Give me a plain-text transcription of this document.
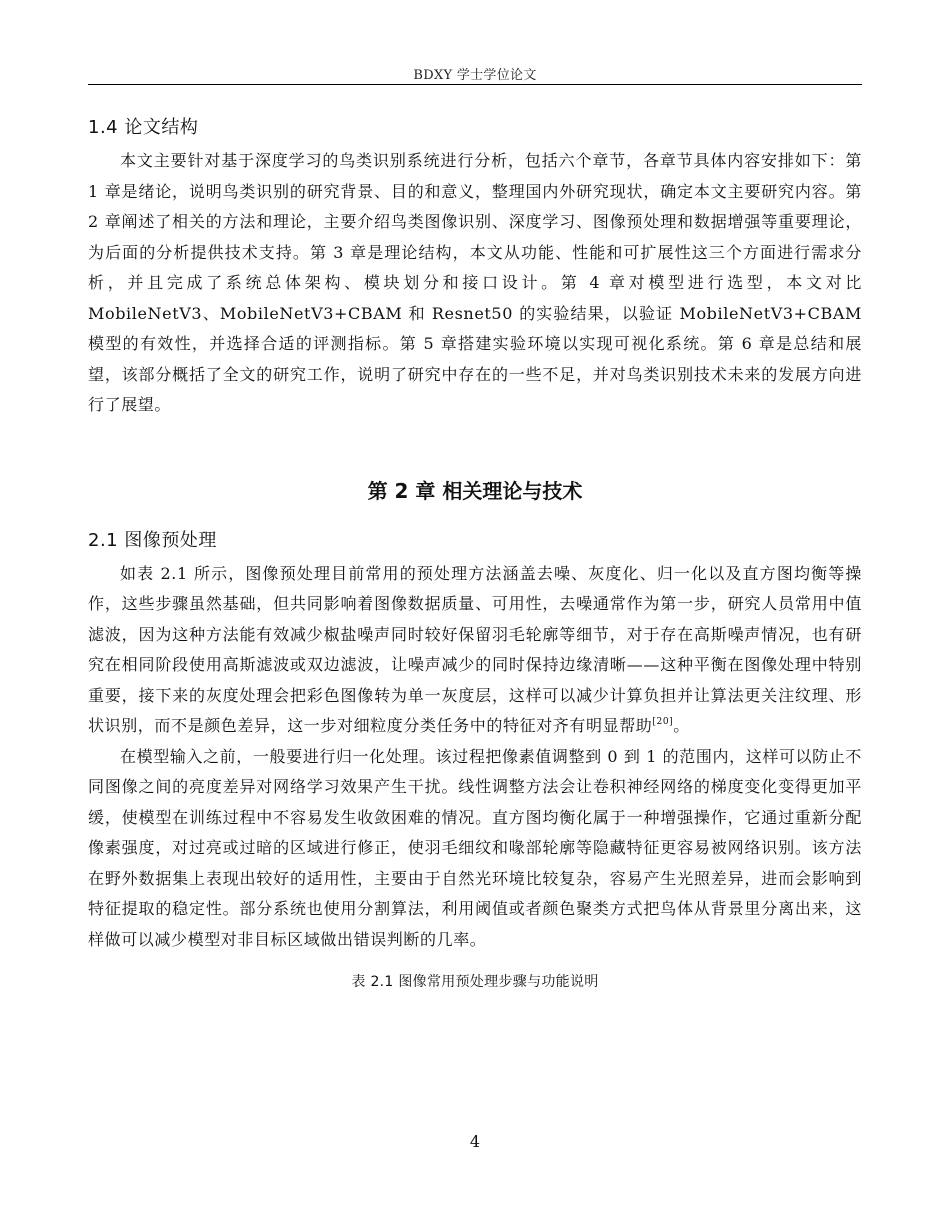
BDXY 学士学位论文
1.4 论文结构

本文主要针对基于深度学习的鸟类识别系统进行分析，包括六个章节，各章节具体内容安排如下：第 1 章是绪论，说明鸟类识别的研究背景、目的和意义，整理国内外研究现状，确定本文主要研究内容。第 2 章阐述了相关的方法和理论，主要介绍鸟类图像识别、深度学习、图像预处理和数据增强等重要理论，为后面的分析提供技术支持。第 3 章是理论结构，本文从功能、性能和可扩展性这三个方面进行需求分析，并且完成了系统总体架构、模块划分和接口设计。第 4 章对模型进行选型，本文对比 MobileNetV3、MobileNetV3+CBAM 和 Resnet50 的实验结果，以验证 MobileNetV3+CBAM 模型的有效性，并选择合适的评测指标。第 5 章搭建实验环境以实现可视化系统。第 6 章是总结和展望，该部分概括了全文的研究工作，说明了研究中存在的一些不足，并对鸟类识别技术未来的发展方向进行了展望。

第 2 章 相关理论与技术
2.1 图像预处理

如表 2.1 所示，图像预处理目前常用的预处理方法涵盖去噪、灰度化、归一化以及直方图均衡等操作，这些步骤虽然基础，但共同影响着图像数据质量、可用性，去噪通常作为第一步，研究人员常用中值滤波，因为这种方法能有效减少椒盐噪声同时较好保留羽毛轮廓等细节，对于存在高斯噪声情况，也有研究在相同阶段使用高斯滤波或双边滤波，让噪声减少的同时保持边缘清晰——这种平衡在图像处理中特别重要，接下来的灰度处理会把彩色图像转为单一灰度层，这样可以减少计算负担并让算法更关注纹理、形状识别，而不是颜色差异，这一步对细粒度分类任务中的特征对齐有明显帮助[20]。

在模型输入之前，一般要进行归一化处理。该过程把像素值调整到 0 到 1 的范围内，这样可以防止不同图像之间的亮度差异对网络学习效果产生干扰。线性调整方法会让卷积神经网络的梯度变化变得更加平缓，使模型在训练过程中不容易发生收敛困难的情况。直方图均衡化属于一种增强操作，它通过重新分配像素强度，对过亮或过暗的区域进行修正，使羽毛细纹和喙部轮廓等隐藏特征更容易被网络识别。该方法在野外数据集上表现出较好的适用性，主要由于自然光环境比较复杂，容易产生光照差异，进而会影响到特征提取的稳定性。部分系统也使用分割算法，利用阈值或者颜色聚类方式把鸟体从背景里分离出来，这样做可以减少模型对非目标区域做出错误判断的几率。

表 2.1 图像常用预处理步骤与功能说明
4
